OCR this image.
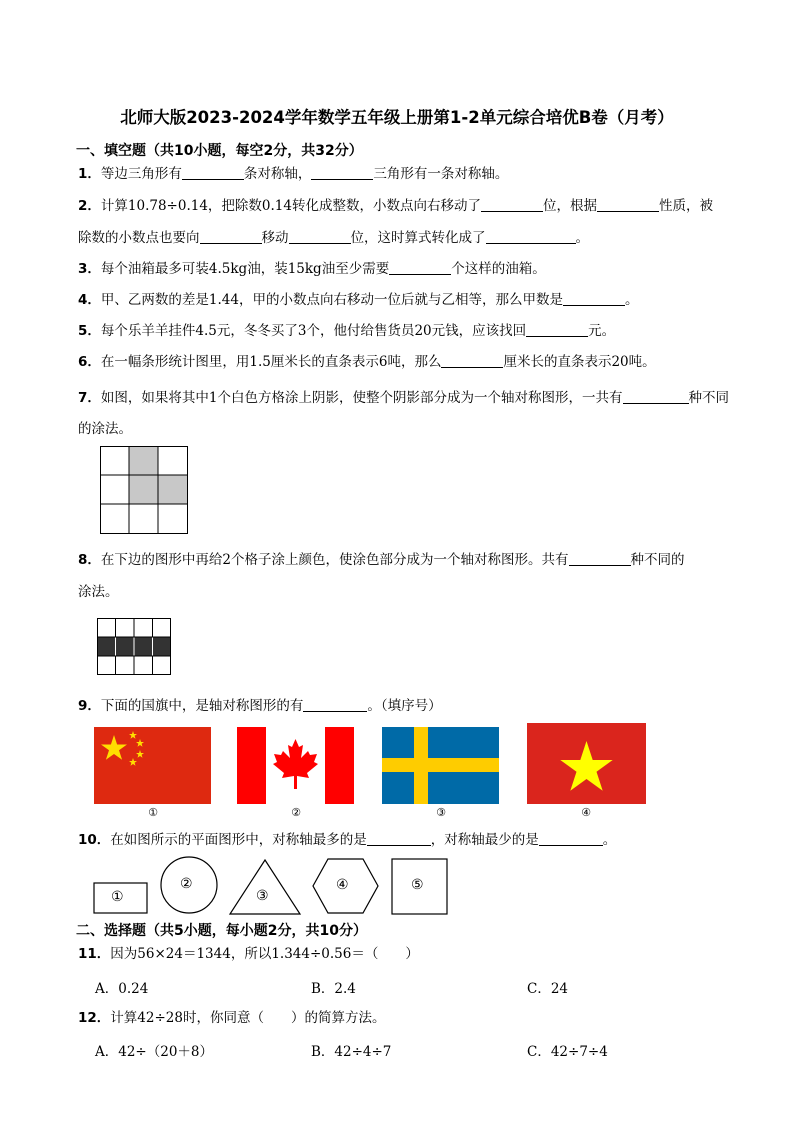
北师大版2023-2024学年数学五年级上册第1-2单元综合培优B卷（月考）
一、填空题（共10小题，每空2分，共32分）
1．等边三角形有	条对称轴，	三角形有一条对称轴。
2．计算10.78÷0.14，把除数0.14转化成整数，小数点向右移动了	位，根据	性质，被
除数的小数点也要向	移动	位，这时算式转化成了	。
3．每个油箱最多可装4.5kg油，装15kg油至少需要	个这样的油箱。
4．甲、乙两数的差是1.44，甲的小数点向右移动一位后就与乙相等，那么甲数是	。
5．每个乐羊羊挂件4.5元，冬冬买了3个，他付给售货员20元钱，应该找回	元。
6．在一幅条形统计图里，用1.5厘米长的直条表示6吨，那么	厘米长的直条表示20吨。
7．如图，如果将其中1个白色方格涂上阴影，使整个阴影部分成为一个轴对称图形，一共有	种不同的涂法。
8．在下边的图形中再给2个格子涂上颜色，使涂色部分成为一个轴对称图形。共有	种不同的
涂法。
9．下面的国旗中，是轴对称图形的有	。（填序号）
①	②	③	④
10．在如图所示的平面图形中，对称轴最多的是	，对称轴最少的是	。
①
②
③
④	⑤
二、选择题（共5小题，每小题2分，共10分）
11．因为56×24＝1344，所以1.344÷0.56＝（　　）
A．0.24	B．2.4	C．24
12．计算42÷28时，你同意（　　）的简算方法。
A．42÷（20＋8）	B．42÷4÷7	C．42÷7÷4
